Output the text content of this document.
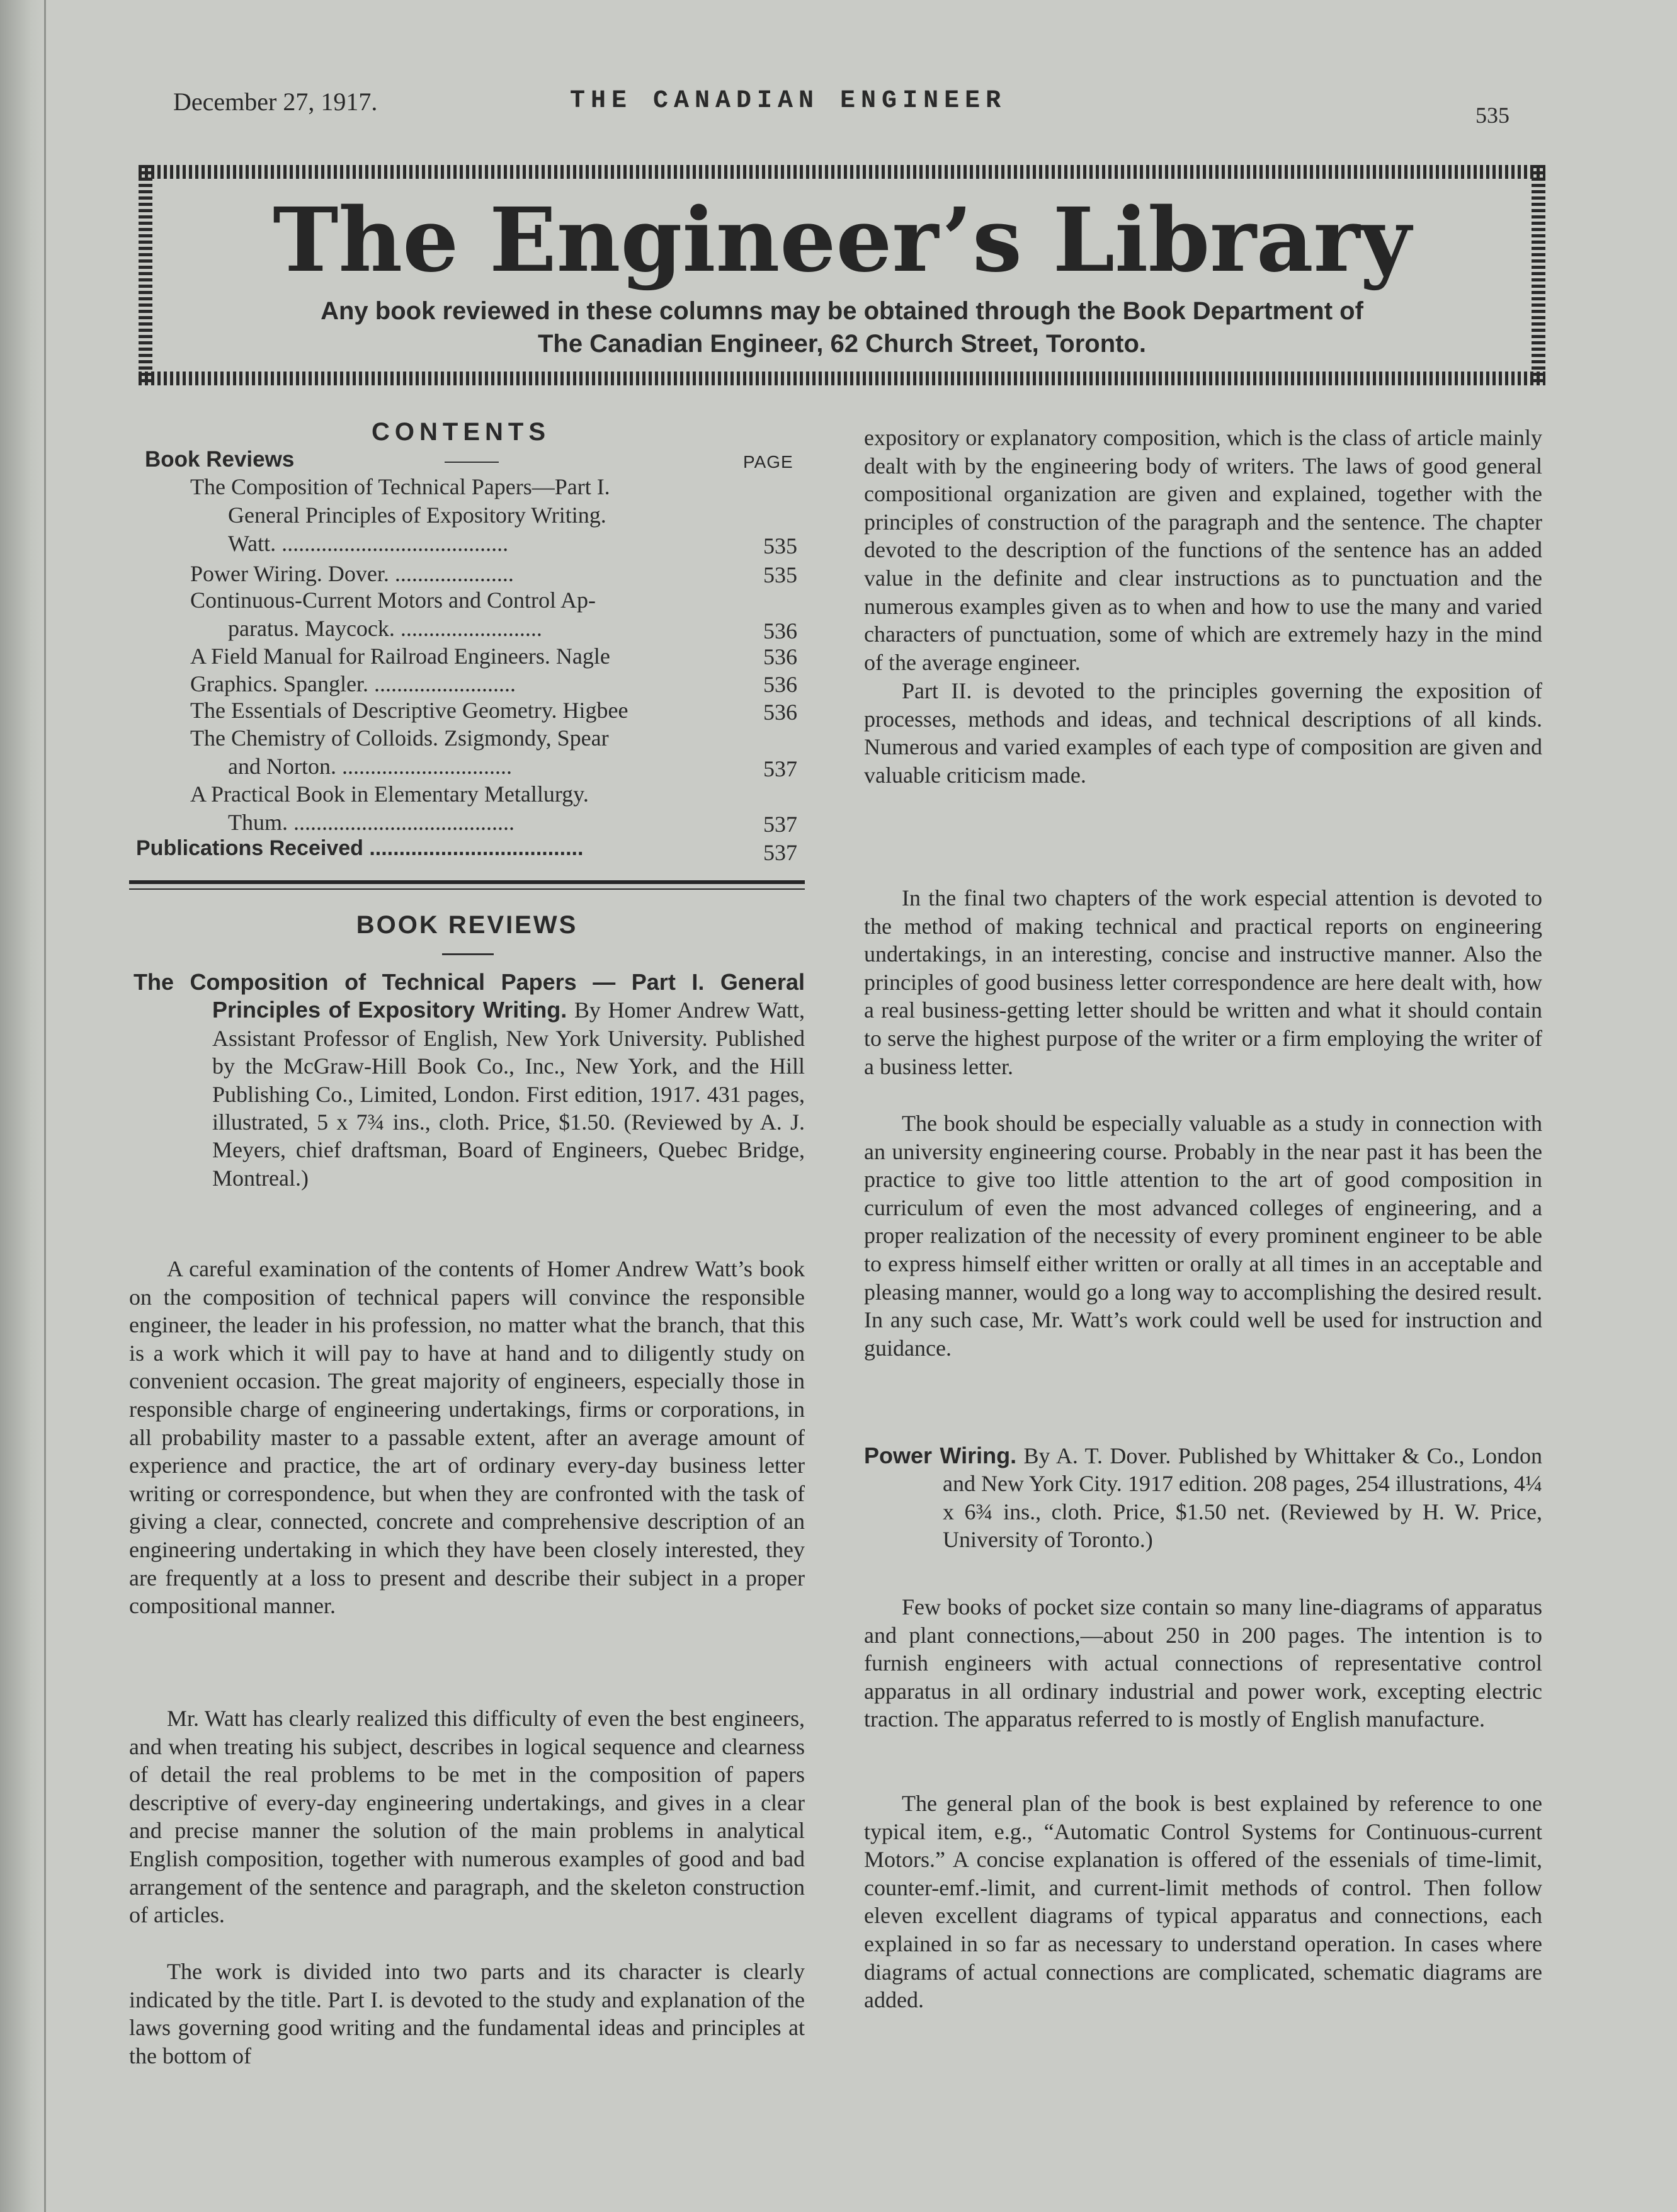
December 27, 1917.	THE CANADIAN ENGINEER	535
The Engineer’s Library
Any book reviewed in these columns may be obtained through the Book Department of
The Canadian Engineer, 62 Church Street, Toronto.
CONTENTS
Book Reviews	PAGE
The Composition of Technical Papers—Part I.
General Principles of Expository Writing.
Watt. ........................................	535
Power Wiring. Dover. .....................	535
Continuous-Current Motors and Control Ap-
paratus. Maycock. .........................	536
A Field Manual for Railroad Engineers. Nagle	536
Graphics. Spangler. .........................	536
The Essentials of Descriptive Geometry. Higbee	536
The Chemistry of Colloids. Zsigmondy, Spear
and Norton. ..............................	537
A Practical Book in Elementary Metallurgy.
Thum. .......................................	537
Publications Received ....................................	537
BOOK REVIEWS
The Composition of Technical Papers — Part I. General Principles of Expository Writing. By Homer Andrew Watt, Assistant Professor of English, New York University. Published by the McGraw-Hill Book Co., Inc., New York, and the Hill Publishing Co., Limited, London. First edition, 1917. 431 pages, illustrated, 5 x 7¾ ins., cloth. Price, $1.50. (Reviewed by A. J. Meyers, chief draftsman, Board of Engineers, Quebec Bridge, Montreal.)
A careful examination of the contents of Homer Andrew Watt’s book on the composition of technical papers will convince the responsible engineer, the leader in his profession, no matter what the branch, that this is a work which it will pay to have at hand and to diligently study on convenient occasion. The great majority of engineers, especially those in responsible charge of engineering undertakings, firms or corporations, in all probability master to a passable extent, after an average amount of experience and practice, the art of ordinary every-day business letter writing or correspondence, but when they are confronted with the task of giving a clear, connected, concrete and comprehensive description of an engineering undertaking in which they have been closely interested, they are frequently at a loss to present and describe their subject in a proper compositional manner.
Mr. Watt has clearly realized this difficulty of even the best engineers, and when treating his subject, describes in logical sequence and clearness of detail the real problems to be met in the composition of papers descriptive of every-day engineering undertakings, and gives in a clear and precise manner the solution of the main problems in analytical English composition, together with numerous examples of good and bad arrangement of the sentence and paragraph, and the skeleton construction of articles.
The work is divided into two parts and its character is clearly indicated by the title. Part I. is devoted to the study and explanation of the laws governing good writing and the fundamental ideas and principles at the bottom of
expository or explanatory composition, which is the class of article mainly dealt with by the engineering body of writers. The laws of good general compositional organization are given and explained, together with the principles of construction of the paragraph and the sentence. The chapter devoted to the description of the functions of the sentence has an added value in the definite and clear instructions as to punctuation and the numerous examples given as to when and how to use the many and varied characters of punctuation, some of which are extremely hazy in the mind of the average engineer.
Part II. is devoted to the principles governing the exposition of processes, methods and ideas, and technical descriptions of all kinds. Numerous and varied examples of each type of composition are given and valuable criticism made.
In the final two chapters of the work especial attention is devoted to the method of making technical and practical reports on engineering undertakings, in an interesting, concise and instructive manner. Also the principles of good business letter correspondence are here dealt with, how a real business-getting letter should be written and what it should contain to serve the highest purpose of the writer or a firm employing the writer of a business letter.
The book should be especially valuable as a study in connection with an university engineering course. Probably in the near past it has been the practice to give too little attention to the art of good composition in curriculum of even the most advanced colleges of engineering, and a proper realization of the necessity of every prominent engineer to be able to express himself either written or orally at all times in an acceptable and pleasing manner, would go a long way to accomplishing the desired result. In any such case, Mr. Watt’s work could well be used for instruction and guidance.
Power Wiring. By A. T. Dover. Published by Whittaker & Co., London and New York City. 1917 edition. 208 pages, 254 illustrations, 4¼ x 6¾ ins., cloth. Price, $1.50 net. (Reviewed by H. W. Price, University of Toronto.)
Few books of pocket size contain so many line-diagrams of apparatus and plant connections,—about 250 in 200 pages. The intention is to furnish engineers with actual connections of representative control apparatus in all ordinary industrial and power work, excepting electric traction. The apparatus referred to is mostly of English manufacture.
The general plan of the book is best explained by reference to one typical item, e.g., “Automatic Control Systems for Continuous-current Motors.” A concise explanation is offered of the essenials of time-limit, counter-emf.-limit, and current-limit methods of control. Then follow eleven excellent diagrams of typical apparatus and connections, each explained in so far as necessary to understand operation. In cases where diagrams of actual connections are complicated, schematic diagrams are added.
